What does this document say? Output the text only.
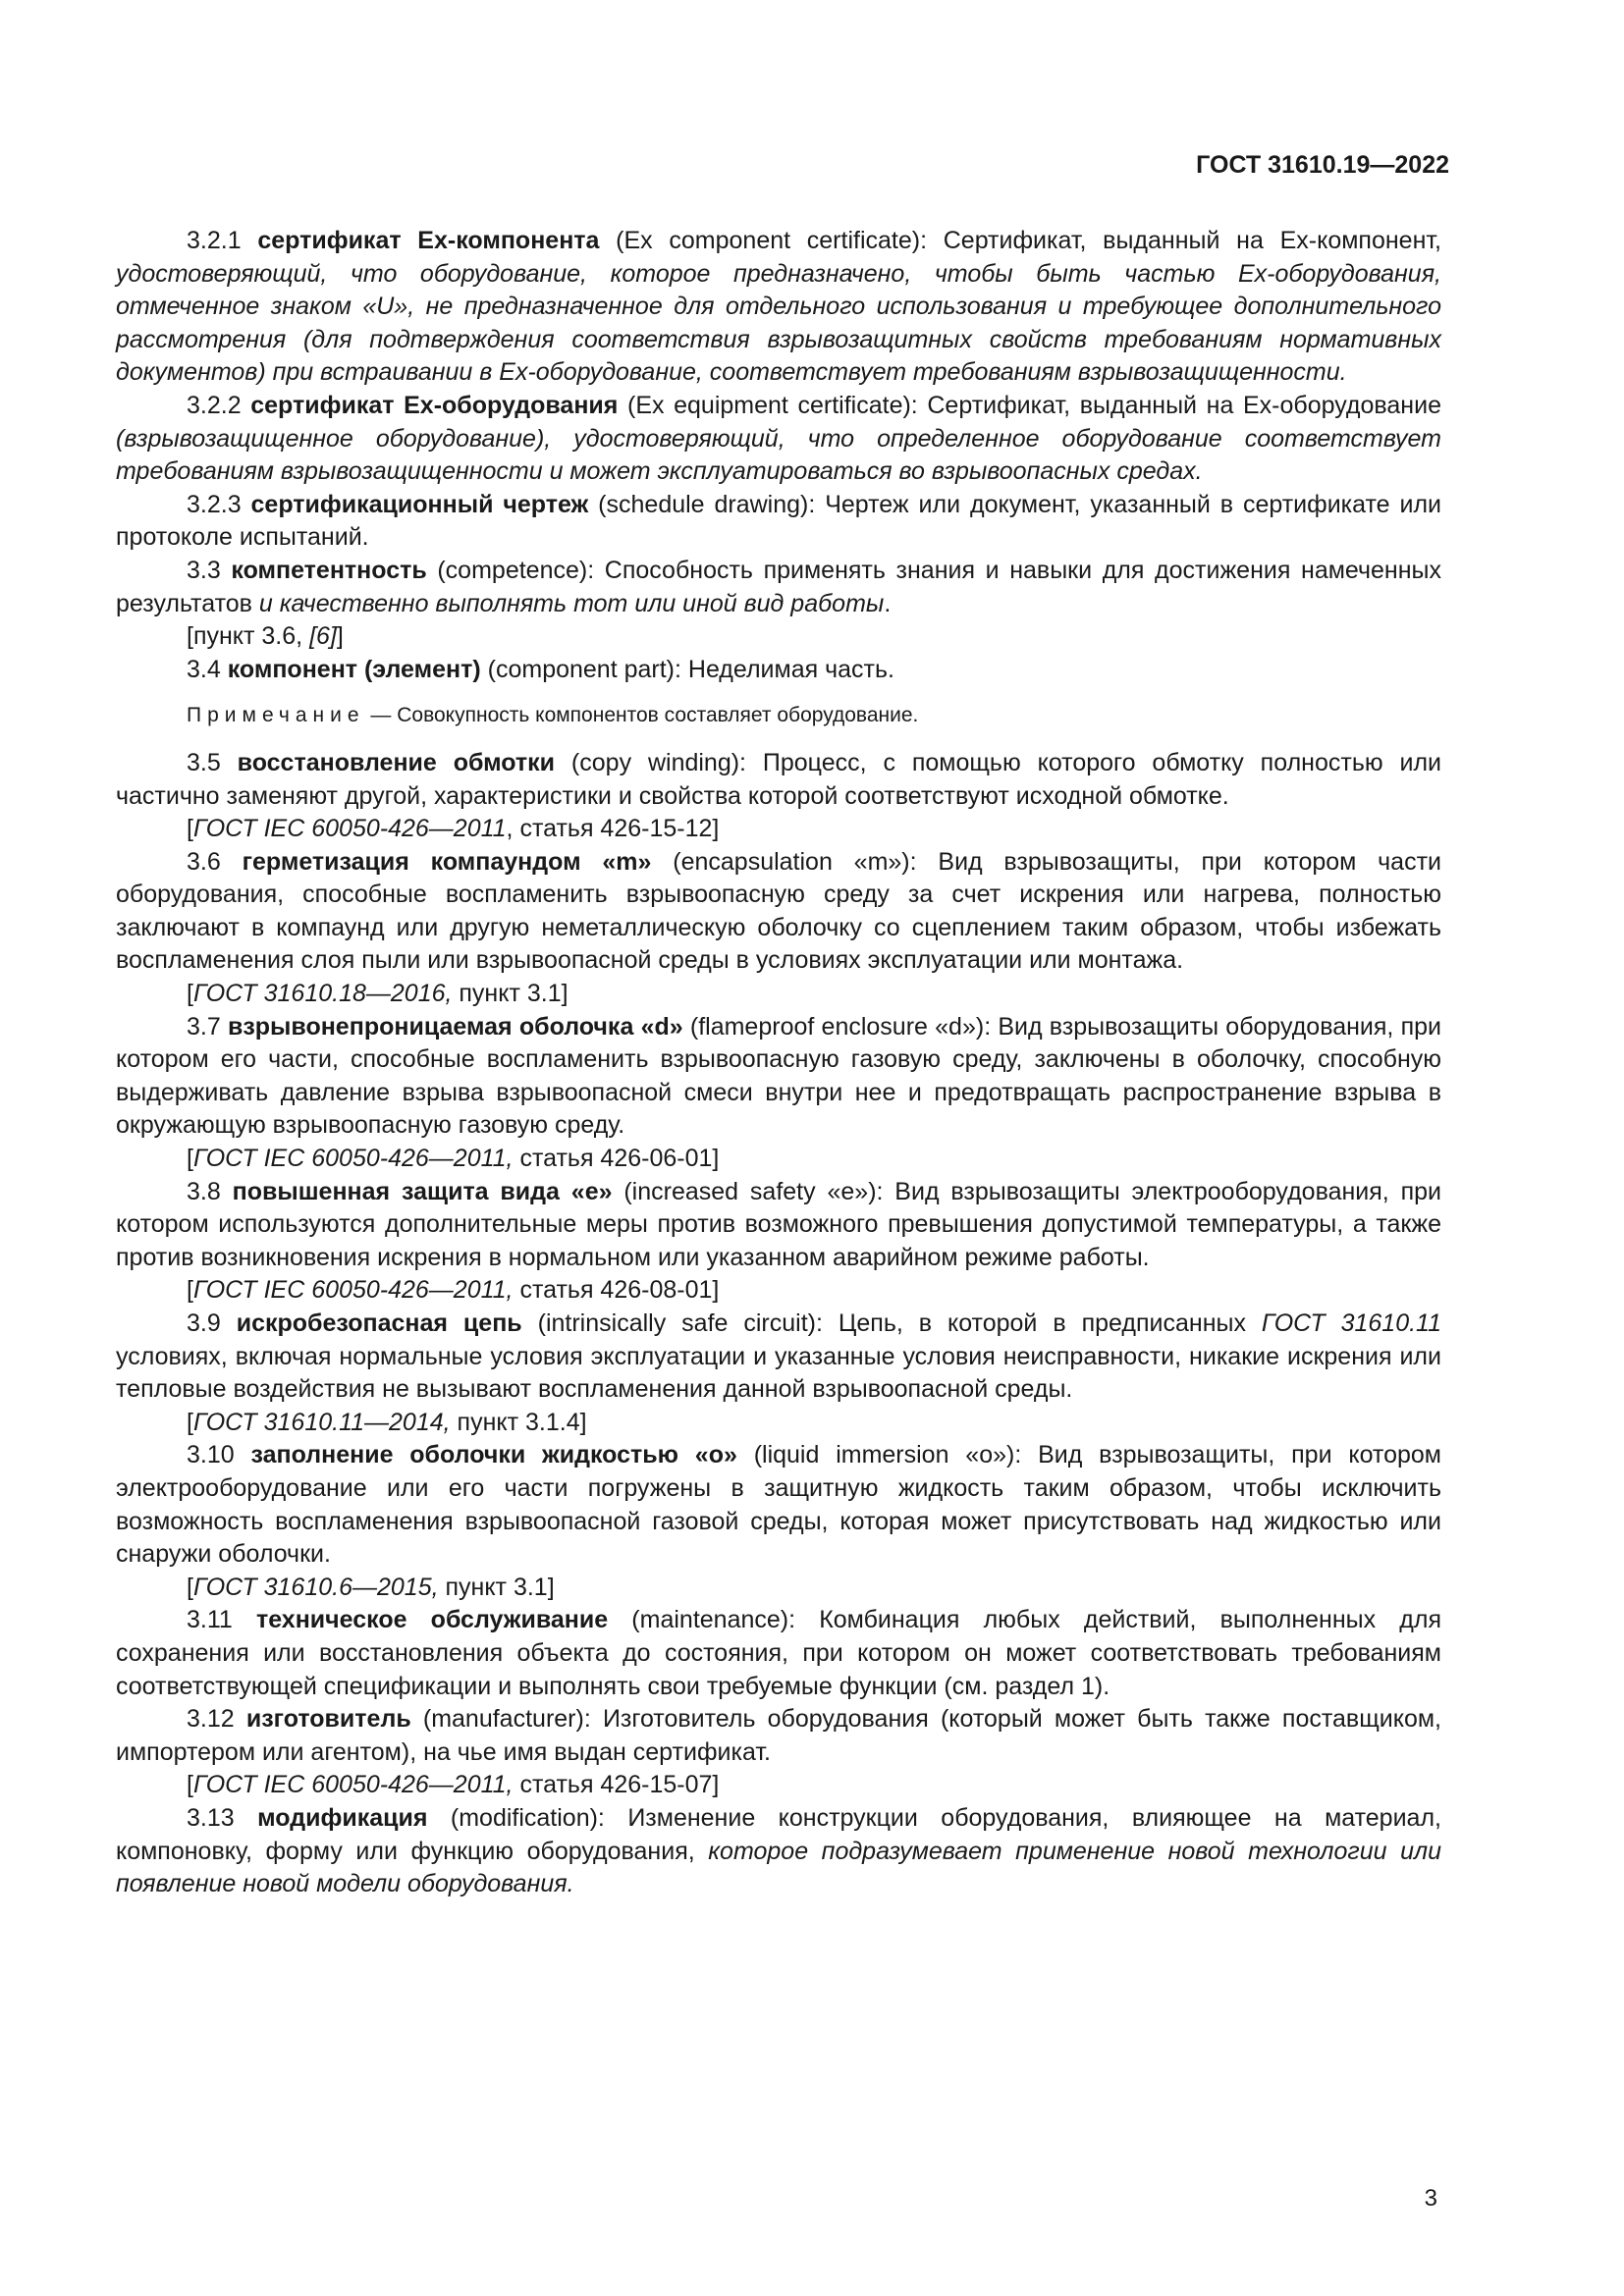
ГОСТ 31610.19—2022

3.2.1 сертификат Ex-компонента (Ex component certificate): Сертификат, выданный на Ex-компонент, удостоверяющий, что оборудование, которое предназначено, чтобы быть частью Ex-оборудования, отмеченное знаком «U», не предназначенное для отдельного использования и требующее дополнительного рассмотрения (для подтверждения соответствия взрывозащитных свойств требованиям нормативных документов) при встраивании в Ex-оборудование, соответствует требованиям взрывозащищенности.

3.2.2 сертификат Ex-оборудования (Ex equipment certificate): Сертификат, выданный на Ex-оборудование (взрывозащищенное оборудование), удостоверяющий, что определенное оборудование соответствует требованиям взрывозащищенности и может эксплуатироваться во взрывоопасных средах.

3.2.3 сертификационный чертеж (schedule drawing): Чертеж или документ, указанный в сертификате или протоколе испытаний.

3.3 компетентность (competence): Способность применять знания и навыки для достижения намеченных результатов и качественно выполнять тот или иной вид работы.

[пункт 3.6, [6]]

3.4 компонент (элемент) (component part): Неделимая часть.

Примечание — Совокупность компонентов составляет оборудование.

3.5 восстановление обмотки (copy winding): Процесс, с помощью которого обмотку полностью или частично заменяют другой, характеристики и свойства которой соответствуют исходной обмотке.

[ГОСТ IEC 60050-426—2011, статья 426-15-12]

3.6 герметизация компаундом «m» (encapsulation «m»): Вид взрывозащиты, при котором части оборудования, способные воспламенить взрывоопасную среду за счет искрения или нагрева, полностью заключают в компаунд или другую неметаллическую оболочку со сцеплением таким образом, чтобы избежать воспламенения слоя пыли или взрывоопасной среды в условиях эксплуатации или монтажа.

[ГОСТ 31610.18—2016, пункт 3.1]

3.7 взрывонепроницаемая оболочка «d» (flameproof enclosure «d»): Вид взрывозащиты оборудования, при котором его части, способные воспламенить взрывоопасную газовую среду, заключены в оболочку, способную выдерживать давление взрыва взрывоопасной смеси внутри нее и предотвращать распространение взрыва в окружающую взрывоопасную газовую среду.

[ГОСТ IEC 60050-426—2011, статья 426-06-01]

3.8 повышенная защита вида «е» (increased safety «е»): Вид взрывозащиты электрооборудования, при котором используются дополнительные меры против возможного превышения допустимой температуры, а также против возникновения искрения в нормальном или указанном аварийном режиме работы.

[ГОСТ IEC 60050-426—2011, статья 426-08-01]

3.9 искробезопасная цепь (intrinsically safe circuit): Цепь, в которой в предписанных ГОСТ 31610.11 условиях, включая нормальные условия эксплуатации и указанные условия неисправности, никакие искрения или тепловые воздействия не вызывают воспламенения данной взрывоопасной среды.

[ГОСТ 31610.11—2014, пункт 3.1.4]

3.10 заполнение оболочки жидкостью «о» (liquid immersion «о»): Вид взрывозащиты, при котором электрооборудование или его части погружены в защитную жидкость таким образом, чтобы исключить возможность воспламенения взрывоопасной газовой среды, которая может присутствовать над жидкостью или снаружи оболочки.

[ГОСТ 31610.6—2015, пункт 3.1]

3.11 техническое обслуживание (maintenance): Комбинация любых действий, выполненных для сохранения или восстановления объекта до состояния, при котором он может соответствовать требованиям соответствующей спецификации и выполнять свои требуемые функции (см. раздел 1).

3.12 изготовитель (manufacturer): Изготовитель оборудования (который может быть также поставщиком, импортером или агентом), на чье имя выдан сертификат.

[ГОСТ IEC 60050-426—2011, статья 426-15-07]

3.13 модификация (modification): Изменение конструкции оборудования, влияющее на материал, компоновку, форму или функцию оборудования, которое подразумевает применение новой технологии или появление новой модели оборудования.

3
